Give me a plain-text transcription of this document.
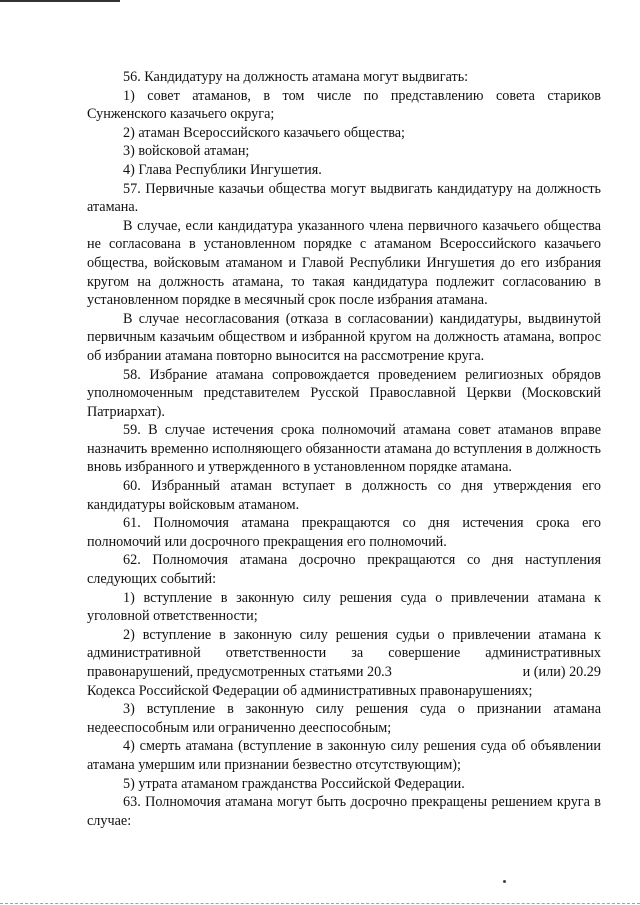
56. Кандидатуру на должность атамана могут выдвигать:

1) совет атаманов, в том числе по представлению совета стариков Сунженского казачьего округа;

2) атаман Всероссийского казачьего общества;

3) войсковой атаман;

4) Глава Республики Ингушетия.

57. Первичные казачьи общества могут выдвигать кандидатуру на должность атамана.

В случае, если кандидатура указанного члена первичного казачьего общества не согласована в установленном порядке с атаманом Всероссийского казачьего общества, войсковым атаманом и Главой Республики Ингушетия до его избрания кругом на должность атамана, то такая кандидатура подлежит согласованию в установленном порядке в месячный срок после избрания атамана.

В случае несогласования (отказа в согласовании) кандидатуры, выдвинутой первичным казачьим обществом и избранной кругом на должность атамана, вопрос об избрании атамана повторно выносится на рассмотрение круга.

58. Избрание атамана сопровождается проведением религиозных обрядов уполномоченным представителем Русской Православной Церкви (Московский Патриархат).

59. В случае истечения срока полномочий атамана совет атаманов вправе назначить временно исполняющего обязанности атамана до вступления в должность вновь избранного и утвержденного в установленном порядке атамана.

60. Избранный атаман вступает в должность со дня утверждения его кандидатуры войсковым атаманом.

61. Полномочия атамана прекращаются со дня истечения срока его полномочий или досрочного прекращения его полномочий.

62. Полномочия атамана досрочно прекращаются со дня наступления следующих событий:

1) вступление в законную силу решения суда о привлечении атамана к уголовной ответственности;

2) вступление в законную силу решения судьи о привлечении атамана к административной ответственности за совершение административных правонарушений, предусмотренных статьями 20.3	и (или) 20.29

Кодекса Российской Федерации об административных правонарушениях;

3) вступление в законную силу решения суда о признании атамана недееспособным или ограниченно дееспособным;

4) смерть атамана (вступление в законную силу решения суда об объявлении атамана умершим или признании безвестно отсутствующим);

5) утрата атаманом гражданства Российской Федерации.

63. Полномочия атамана могут быть досрочно прекращены решением круга в случае:
